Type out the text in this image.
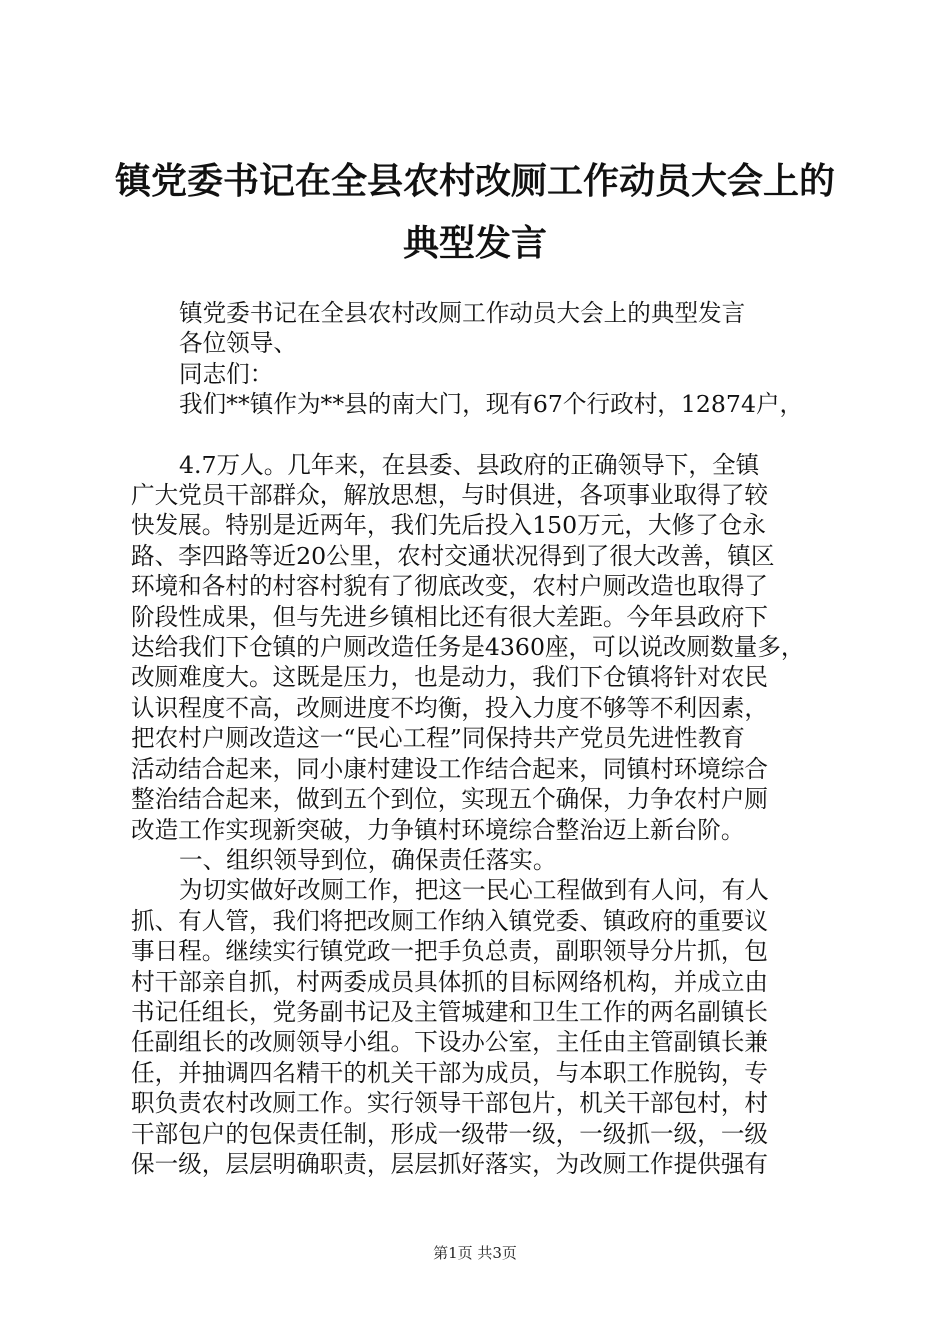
镇党委书记在全县农村改厕工作动员大会上的
典型发言

镇党委书记在全县农村改厕工作动员大会上的典型发言

各位领导、

同志们：

我们**镇作为**县的南大门，现有67个行政村，12874户，

4.7万人。几年来，在县委、县政府的正确领导下，全镇

广大党员干部群众，解放思想，与时俱进，各项事业取得了较

快发展。特别是近两年，我们先后投入150万元，大修了仓永

路、李四路等近20公里，农村交通状况得到了很大改善，镇区

环境和各村的村容村貌有了彻底改变，农村户厕改造也取得了

阶段性成果，但与先进乡镇相比还有很大差距。今年县政府下

达给我们下仓镇的户厕改造任务是4360座，可以说改厕数量多，

改厕难度大。这既是压力，也是动力，我们下仓镇将针对农民

认识程度不高，改厕进度不均衡，投入力度不够等不利因素，

把农村户厕改造这一“民心工程”同保持共产党员先进性教育

活动结合起来，同小康村建设工作结合起来，同镇村环境综合

整治结合起来，做到五个到位，实现五个确保，力争农村户厕

改造工作实现新突破，力争镇村环境综合整治迈上新台阶。

一、组织领导到位，确保责任落实。

为切实做好改厕工作，把这一民心工程做到有人问，有人

抓、有人管，我们将把改厕工作纳入镇党委、镇政府的重要议

事日程。继续实行镇党政一把手负总责，副职领导分片抓，包

村干部亲自抓，村两委成员具体抓的目标网络机构，并成立由

书记任组长，党务副书记及主管城建和卫生工作的两名副镇长

任副组长的改厕领导小组。下设办公室，主任由主管副镇长兼

任，并抽调四名精干的机关干部为成员，与本职工作脱钩，专

职负责农村改厕工作。实行领导干部包片，机关干部包村，村

干部包户的包保责任制，形成一级带一级，一级抓一级，一级

保一级，层层明确职责，层层抓好落实，为改厕工作提供强有

第1页 共3页
